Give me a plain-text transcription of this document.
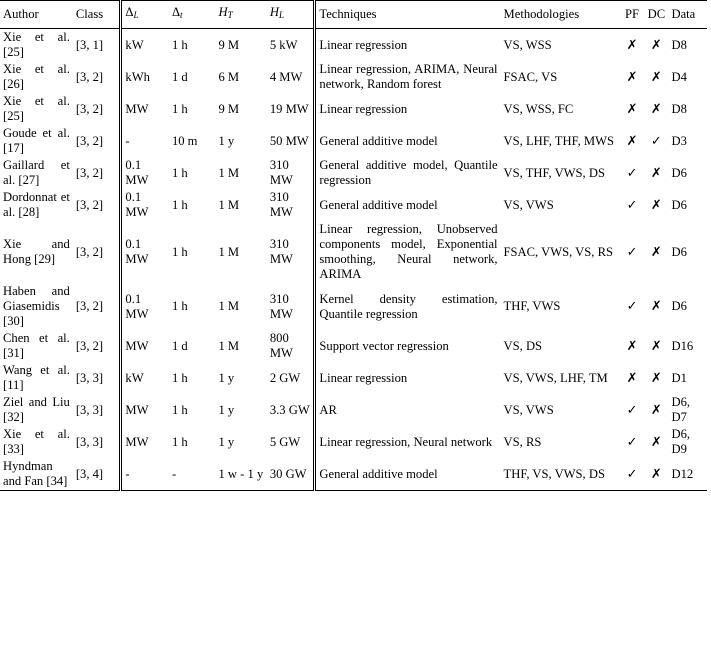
Author	Class	$\Delta_L$	$\Delta_t$	$H_T$	$H_L$	Techniques	Methodologies	PF	DC	Data
Xie et al. [25]	[3, 1]	kW	1 h	9 M	5 kW	Linear regression	VS, WSS	✗	✗	D8
Xie et al. [26]	[3, 2]	kWh	1 d	6 M	4 MW	Linear regression, ARIMA, Neural network, Random forest	FSAC, VS	✗	✗	D4
Xie et al. [25]	[3, 2]	MW	1 h	9 M	19 MW	Linear regression	VS, WSS, FC	✗	✗	D8
Goude et al. [17]	[3, 2]	-	10 m	1 y	50 MW	General additive model	VS, LHF, THF, MWS	✗	✓	D3
Gaillard et al. [27]	[3, 2]	0.1 MW	1 h	1 M	310 MW	General additive model, Quantile regression	VS, THF, VWS, DS	✓	✗	D6
Dordonnat et al. [28]	[3, 2]	0.1 MW	1 h	1 M	310 MW	General additive model	VS, VWS	✓	✗	D6
Xie and Hong [29]	[3, 2]	0.1 MW	1 h	1 M	310 MW	Linear regression, Unobserved components model, Exponential smoothing, Neural network, ARIMA	FSAC, VWS, VS, RS	✓	✗	D6
Haben and Giasemidis [30]	[3, 2]	0.1 MW	1 h	1 M	310 MW	Kernel density estimation, Quantile regression	THF, VWS	✓	✗	D6
Chen et al. [31]	[3, 2]	MW	1 d	1 M	800 MW	Support vector regression	VS, DS	✗	✗	D16
Wang et al. [11]	[3, 3]	kW	1 h	1 y	2 GW	Linear regression	VS, VWS, LHF, TM	✗	✗	D1
Ziel and Liu [32]	[3, 3]	MW	1 h	1 y	3.3 GW	AR	VS, VWS	✓	✗	D6, D7
Xie et al. [33]	[3, 3]	MW	1 h	1 y	5 GW	Linear regression, Neural network	VS, RS	✓	✗	D6, D9
Hyndman and Fan [34]	[3, 4]	-	-	1 w - 1 y	30 GW	General additive model	THF, VS, VWS, DS	✓	✗	D12
